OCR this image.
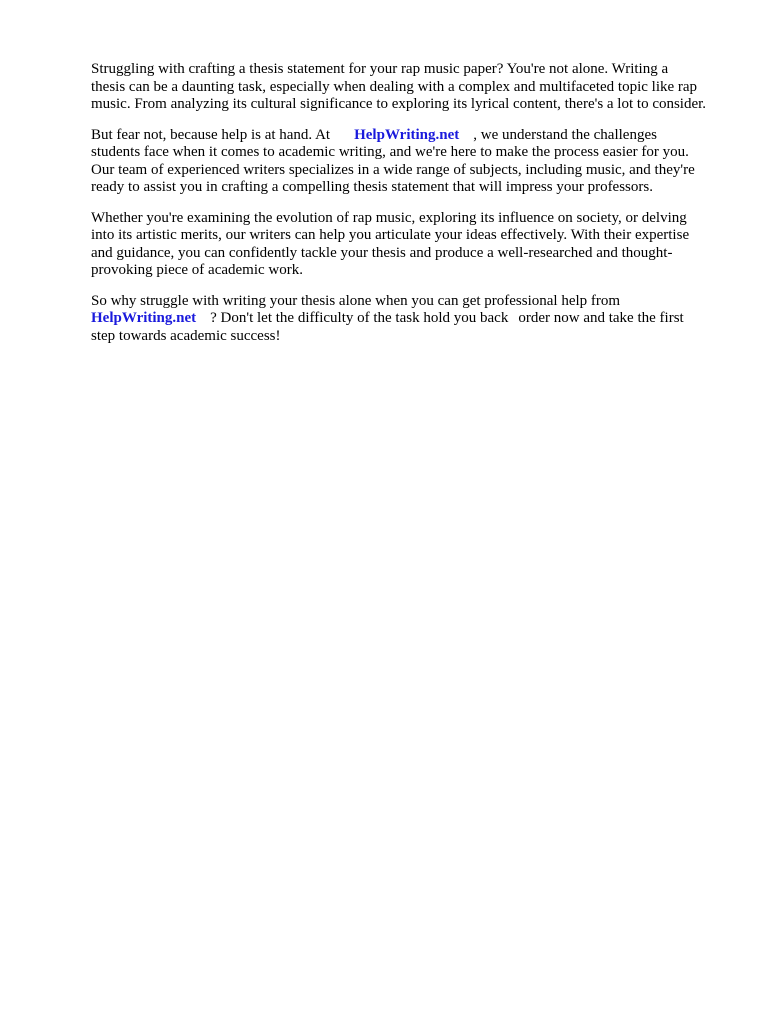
Struggling with crafting a thesis statement for your rap music paper? You're not alone. Writing a
thesis can be a daunting task, especially when dealing with a complex and multifaceted topic like rap
music. From analyzing its cultural significance to exploring its lyrical content, there's a lot to consider.

But fear not, because help is at hand. At HelpWriting.net , we understand the challenges
students face when it comes to academic writing, and we're here to make the process easier for you.
Our team of experienced writers specializes in a wide range of subjects, including music, and they're
ready to assist you in crafting a compelling thesis statement that will impress your professors.

Whether you're examining the evolution of rap music, exploring its influence on society, or delving
into its artistic merits, our writers can help you articulate your ideas effectively. With their expertise
and guidance, you can confidently tackle your thesis and produce a well-researched and thought-
provoking piece of academic work.

So why struggle with writing your thesis alone when you can get professional help from
HelpWriting.net ? Don't let the difficulty of the task hold you back order now and take the first
step towards academic success!
